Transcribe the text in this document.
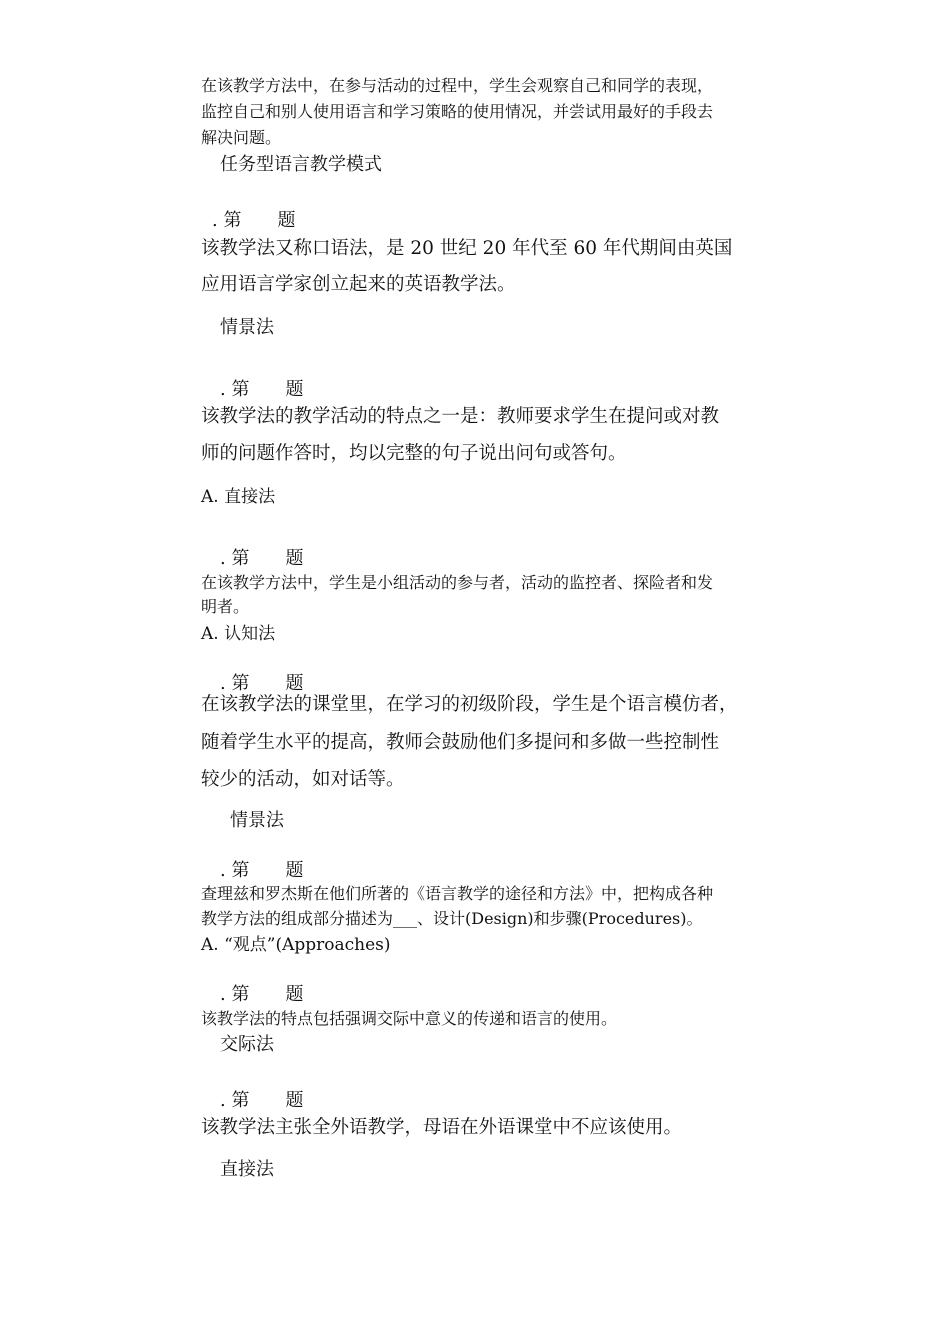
在该教学方法中，在参与活动的过程中，学生会观察自己和同学的表现，

监控自己和别人使用语言和学习策略的使用情况，并尝试用最好的手段去

解决问题。

任务型语言教学模式

. 第　　题

该教学法又称口语法，是 20 世纪 20 年代至 60 年代期间由英国

应用语言学家创立起来的英语教学法。

情景法

. 第　　题

该教学法的教学活动的特点之一是：教师要求学生在提问或对教

师的问题作答时，均以完整的句子说出问句或答句。

A. 直接法

. 第　　题

在该教学方法中，学生是小组活动的参与者，活动的监控者、探险者和发

明者。

A. 认知法

. 第　　题

在该教学法的课堂里，在学习的初级阶段，学生是个语言模仿者，

随着学生水平的提高，教师会鼓励他们多提问和多做一些控制性

较少的活动，如对话等。

情景法

. 第　　题

查理兹和罗杰斯在他们所著的《语言教学的途径和方法》中，把构成各种

教学方法的组成部分描述为___、设计(Design)和步骤(Procedures)。

A. “观点”(Approaches)

. 第　　题

该教学法的特点包括强调交际中意义的传递和语言的使用。

交际法

. 第　　题

该教学法主张全外语教学，母语在外语课堂中不应该使用。

直接法
